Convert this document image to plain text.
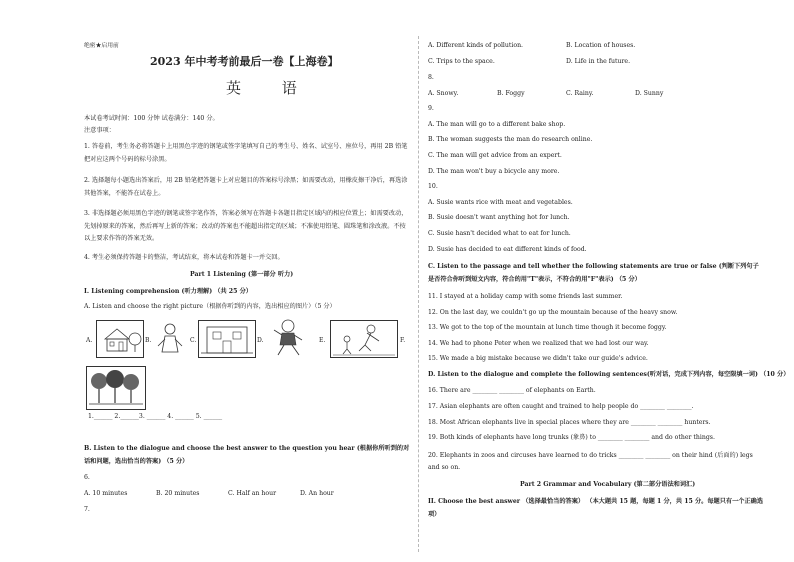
绝密★启用前
2023 年中考考前最后一卷【上海卷】
英 语
本试卷考试时间：100 分钟 试卷满分：140 分。
注意事项：
1. 答卷前，考生务必将答题卡上用黑色字迹的钢笔或签字笔填写自己的考生号、姓名、试室号、座位号，再用 2B 铅笔把对应这两个号码的标号涂黑。
2. 选择题每小题选出答案后，用 2B 铅笔把答题卡上对应题目的答案标号涂黑；如需要改动，用橡皮擦干净后，再选涂其他答案，不能答在试卷上。
3. 非选择题必须用黑色字迹的钢笔或签字笔作答，答案必须写在答题卡各题目指定区域内的相应位置上；如需要改动，先划掉原来的答案，然后再写上新的答案；改动的答案也不能超出指定的区域；不准使用铅笔、圆珠笔和涂改液。不按以上要求作答的答案无效。
4. 考生必须保持答题卡的整洁，考试结束，将本试卷和答题卡一并交回。
Part 1 Listening (第一部分 听力)
I. Listening comprehension (听力理解) （共 25 分）
A. Listen and choose the right picture（根据你听到的内容，选出相应的图片）（5 分）
A.	B.	C.	D.	E.	F.
1.______ 2.______3. ______ 4. ______ 5. ______
B. Listen to the dialogue and choose the best answer to the question you hear (根据你所听到的对话和问题，选出恰当的答案) （5 分）
6.
A. 10 minutes	B. 20 minutes	C. Half an hour	D. An hour
7.
A. Different kinds of pollution.	B. Location of houses.
C. Trips to the space.	D. Life in the future.
8.
A. Snowy.	B. Foggy	C. Rainy.	D. Sunny
9.
A. The man will go to a different bake shop.
B. The woman suggests the man do research online.
C. The man will get advice from an expert.
D. The man won't buy a bicycle any more.
10.
A. Susie wants rice with meat and vegetables.
B. Susie doesn't want anything hot for lunch.
C. Susie hasn't decided what to eat for lunch.
D. Susie has decided to eat different kinds of food.
C. Listen to the passage and tell whether the following statements are true or false (判断下列句子是否符合你听到短文内容，符合的用"T"表示，不符合的用"F"表示) （5 分）
11. I stayed at a holiday camp with some friends last summer.
12. On the last day, we couldn't go up the mountain because of the heavy snow.
13. We got to the top of the mountain at lunch time though it become foggy.
14. We had to phone Peter when we realized that we had lost our way.
15. We made a big mistake because we didn't take our guide's advice.
D. Listen to the dialogue and complete the following sentences(听对话，完成下列内容，每空限填一词) （10 分）
16. There are ________ ________ of elephants on Earth.
17. Asian elephants are often caught and trained to help people do ________ ________.
18. Most African elephants live in special places where they are ________ ________ hunters.
19. Both kinds of elephants have long trunks (象鼻) to ________ ________ and do other things.
20. Elephants in zoos and circuses have learned to do tricks ________ ________ on their hind (后面的) legs and so on.
Part 2 Grammar and Vocabulary (第二部分语法和词汇)
II. Choose the best answer （选择最恰当的答案） （本大题共 15 题，每题 1 分，共 15 分。每题只有一个正确选项）
